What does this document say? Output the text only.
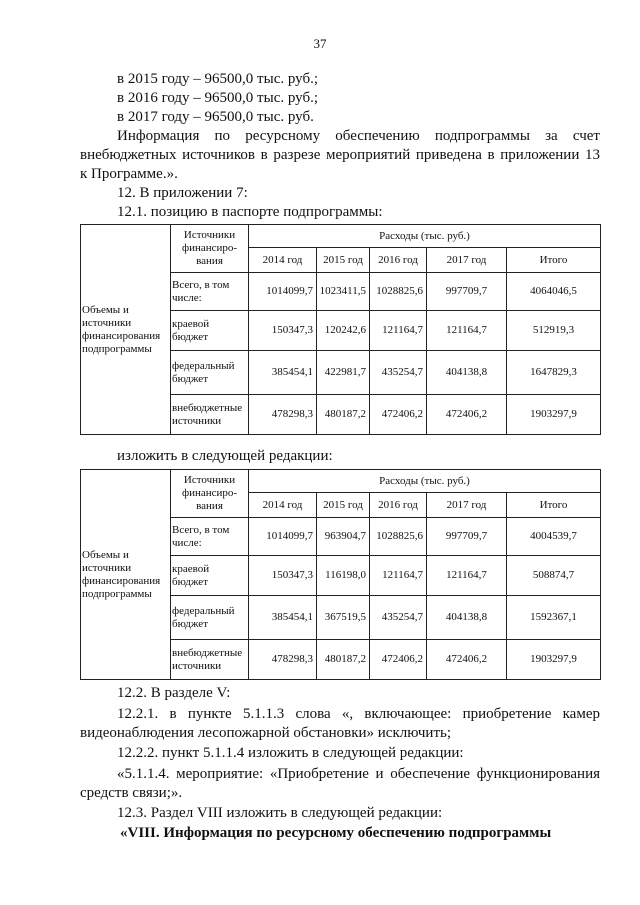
37
в 2015 году – 96500,0 тыс. руб.;
в 2016 году – 96500,0 тыс. руб.;
в 2017 году – 96500,0 тыс. руб.
Информация по ресурсному обеспечению подпрограммы за счет
внебюджетных источников в разрезе мероприятий приведена в приложении 13
к Программе.».
12. В приложении 7:
12.1. позицию в паспорте подпрограммы:
Объемы и источники финансирования подпрограммы	Источники финансиро-вания	Расходы (тыс. руб.)				
		2014 год	2015 год	2016 год	2017 год	Итого
	Всего, в том числе:	1014099,7	1023411,5	1028825,6	997709,7	4064046,5
	краевой бюджет	150347,3	120242,6	121164,7	121164,7	512919,3
	федеральный бюджет	385454,1	422981,7	435254,7	404138,8	1647829,3
	внебюджетные источники	478298,3	480187,2	472406,2	472406,2	1903297,9
изложить в следующей редакции:
Объемы и источники финансирования подпрограммы	Источники финансиро-вания	Расходы (тыс. руб.)				
		2014 год	2015 год	2016 год	2017 год	Итого
	Всего, в том числе:	1014099,7	963904,7	1028825,6	997709,7	4004539,7
	краевой бюджет	150347,3	116198,0	121164,7	121164,7	508874,7
	федеральный бюджет	385454,1	367519,5	435254,7	404138,8	1592367,1
	внебюджетные источники	478298,3	480187,2	472406,2	472406,2	1903297,9
12.2. В разделе V:
12.2.1. в пункте 5.1.1.3 слова «, включающее: приобретение камер
видеонаблюдения лесопожарной обстановки» исключить;
12.2.2. пункт 5.1.1.4 изложить в следующей редакции:
«5.1.1.4. мероприятие: «Приобретение и обеспечение функционирования
средств связи;».
12.3. Раздел VIII изложить в следующей редакции:
«VIII. Информация по ресурсному обеспечению подпрограммы
